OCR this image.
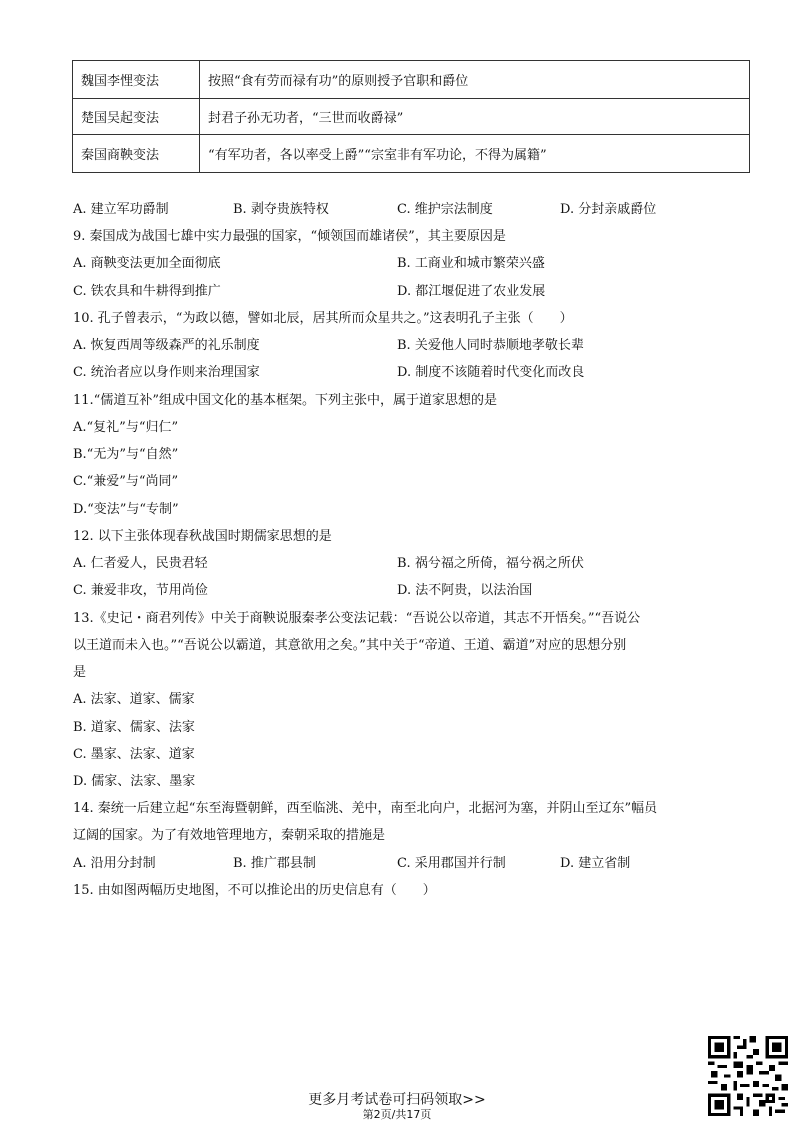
魏国李悝变法	按照“食有劳而禄有功”的原则授予官职和爵位
楚国吴起变法	封君子孙无功者，“三世而收爵禄”
秦国商鞅变法	“有军功者，各以率受上爵”“宗室非有军功论，不得为属籍”
A. 建立军功爵制	B. 剥夺贵族特权	C. 维护宗法制度	D. 分封亲戚爵位
9. 秦国成为战国七雄中实力最强的国家，“倾领国而雄诸侯”，其主要原因是
A. 商鞅变法更加全面彻底	B. 工商业和城市繁荣兴盛
C. 铁农具和牛耕得到推广	D. 都江堰促进了农业发展
10. 孔子曾表示，“为政以德，譬如北辰，居其所而众星共之。”这表明孔子主张（　　）
A. 恢复西周等级森严的礼乐制度	B. 关爱他人同时恭顺地孝敬长辈
C. 统治者应以身作则来治理国家	D. 制度不该随着时代变化而改良
11.“儒道互补”组成中国文化的基本框架。下列主张中，属于道家思想的是
A.“复礼”与“归仁”
B.“无为”与“自然”
C.“兼爱”与“尚同”
D.“变法”与“专制”
12. 以下主张体现春秋战国时期儒家思想的是
A. 仁者爱人，民贵君轻	B. 祸兮福之所倚，福兮祸之所伏
C. 兼爱非攻，节用尚俭	D. 法不阿贵，以法治国
13.《史记・商君列传》中关于商鞅说服秦孝公变法记载：“吾说公以帝道，其志不开悟矣。”“吾说公
以王道而未入也。”“吾说公以霸道，其意欲用之矣。”其中关于“帝道、王道、霸道”对应的思想分别
是
A. 法家、道家、儒家
B. 道家、儒家、法家
C. 墨家、法家、道家
D. 儒家、法家、墨家
14. 秦统一后建立起“东至海暨朝鲜，西至临洮、羌中，南至北向户，北据河为塞，并阴山至辽东”幅员
辽阔的国家。为了有效地管理地方，秦朝采取的措施是
A. 沿用分封制	B. 推广郡县制	C. 采用郡国并行制	D. 建立省制
15. 由如图两幅历史地图，不可以推论出的历史信息有（　　）
更多月考试卷可扫码领取>>
第2页/共17页
